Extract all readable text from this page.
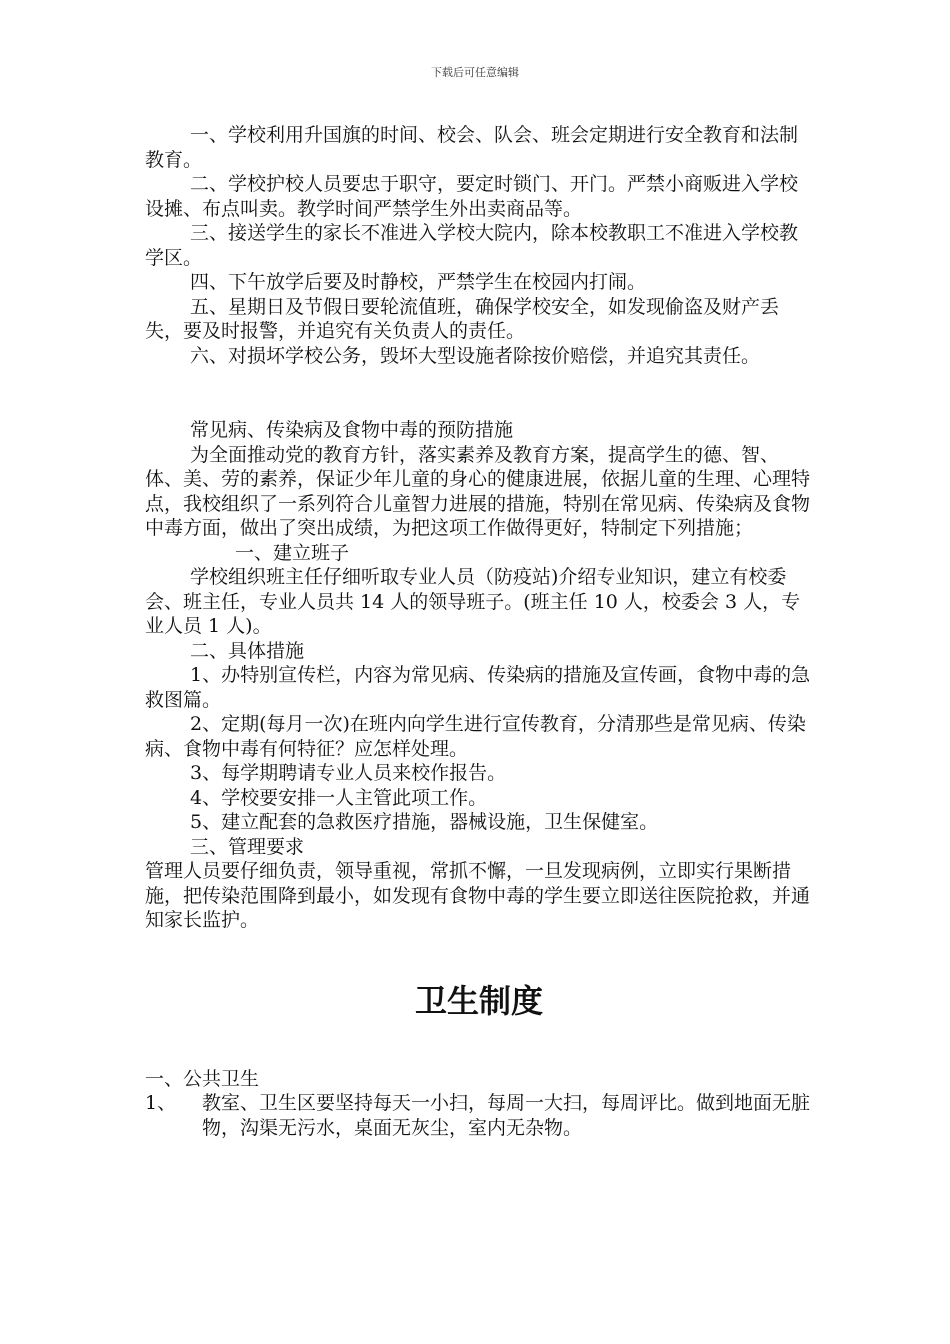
下载后可任意编辑

一、学校利用升国旗的时间、校会、队会、班会定期进行安全教育和法制教育。

二、学校护校人员要忠于职守，要定时锁门、开门。严禁小商贩进入学校设摊、布点叫卖。教学时间严禁学生外出卖商品等。

三、接送学生的家长不准进入学校大院内，除本校教职工不准进入学校教学区。

四、下午放学后要及时静校，严禁学生在校园内打闹。

五、星期日及节假日要轮流值班，确保学校安全，如发现偷盗及财产丢失，要及时报警，并追究有关负责人的责任。

六、对损坏学校公务，毁坏大型设施者除按价赔偿，并追究其责任。

常见病、传染病及食物中毒的预防措施

为全面推动党的教育方针，落实素养及教育方案，提高学生的德、智、体、美、劳的素养，保证少年儿童的身心的健康进展，依据儿童的生理、心理特点，我校组织了一系列符合儿童智力进展的措施，特别在常见病、传染病及食物中毒方面，做出了突出成绩，为把这项工作做得更好，特制定下列措施；

一、建立班子

学校组织班主任仔细听取专业人员（防疫站)介绍专业知识，建立有校委会、班主任，专业人员共 14 人的领导班子。(班主任 10 人，校委会 3 人，专业人员 1 人)。

二、具体措施

1、办特别宣传栏，内容为常见病、传染病的措施及宣传画，食物中毒的急救图篇。

2、定期(每月一次)在班内向学生进行宣传教育，分清那些是常见病、传染病、食物中毒有何特征？应怎样处理。

3、每学期聘请专业人员来校作报告。

4、学校要安排一人主管此项工作。

5、建立配套的急救医疗措施，器械设施，卫生保健室。

三、管理要求

管理人员要仔细负责，领导重视，常抓不懈，一旦发现病例，立即实行果断措施，把传染范围降到最小，如发现有食物中毒的学生要立即送往医院抢救，并通知家长监护。

卫生制度

一、公共卫生

1、	教室、卫生区要坚持每天一小扫，每周一大扫，每周评比。做到地面无脏物，沟渠无污水，桌面无灰尘，室内无杂物。
